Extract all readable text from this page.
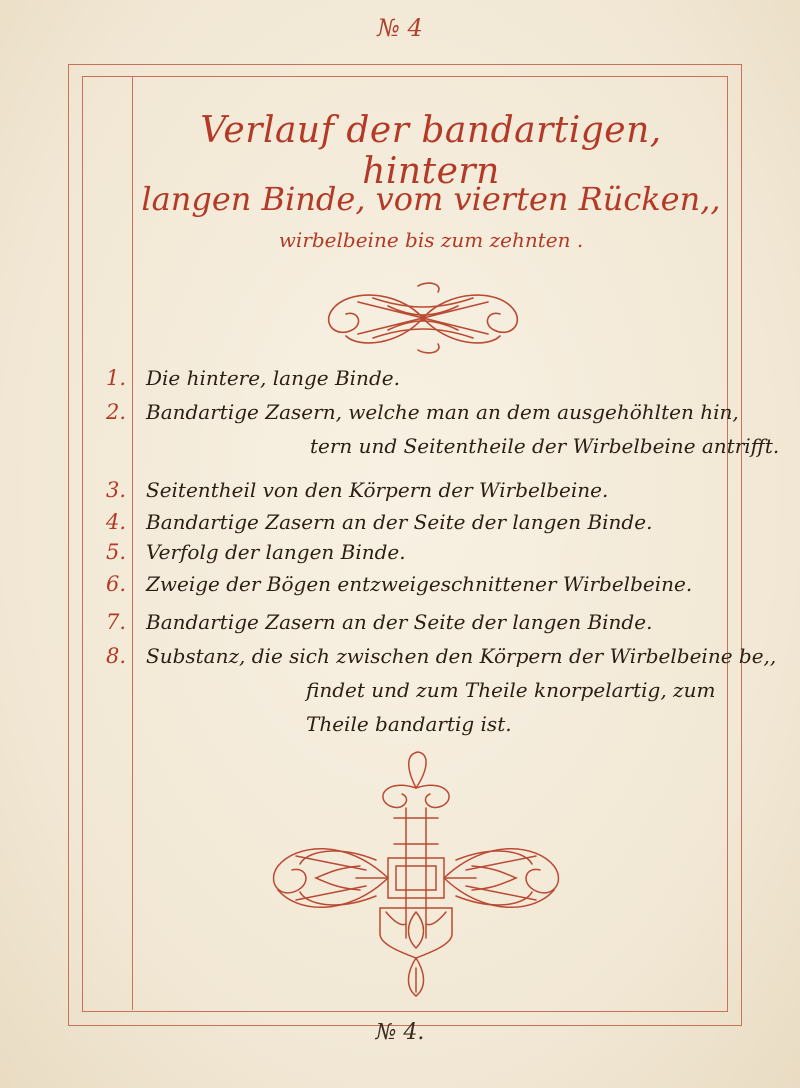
№ 4
Verlauf der bandartigen, hintern
langen Binde, vom vierten Rücken,,
wirbelbeine bis zum zehnten .
1. Die hintere, lange Binde.
2. Bandartige Zasern, welche man an dem ausgehöhlten hin,
tern und Seitentheile der Wirbelbeine antrifft.
3. Seitentheil von den Körpern der Wirbelbeine.
4. Bandartige Zasern an der Seite der langen Binde.
5. Verfolg der langen Binde.
6. Zweige der Bögen entzweigeschnittener Wirbelbeine.
7. Bandartige Zasern an der Seite der langen Binde.
8. Substanz, die sich zwischen den Körpern der Wirbelbeine be,,
findet und zum Theile knorpelartig, zum
Theile bandartig ist.
№ 4.
